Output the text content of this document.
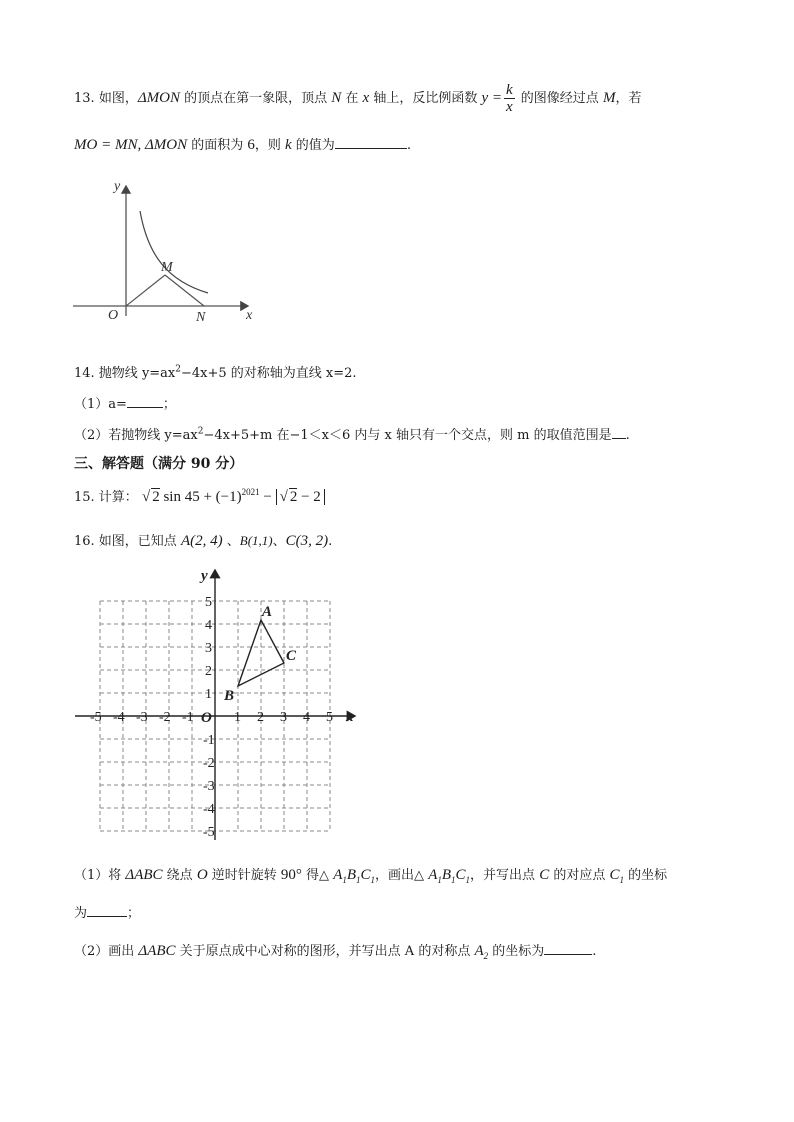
13. 如图，ΔMON 的顶点在第一象限，顶点 N 在 x 轴上，反比例函数 $y = \frac{k}{x}$ 的图像经过点 M，若
MO = MN, ΔMON 的面积为 6，则 k 的值为	.
y
x
O
M
N
14. 抛物线 $y=ax^2-4x+5$ 的对称轴为直线 x=2.
（1）a=	；
（2）若抛物线 $y=ax^2-4x+5+m$ 在−1＜x＜6 内与 x 轴只有一个交点，则 m 的取值范围是 .
三、解答题（满分 90 分）
15. 计算： √ 2 $\sin 45 + (-1)^{2021}$ − √ 2 − 2
16. 如图，已知点 A(2, 4) 、B(1,1)、C(3, 2).
-5 -4 -3 -2 -1	1 2 3 4 5
5
4
3
2
1
-1
-2
-3
-4
-5
y
x
O
A
B
C
（1）将 ΔABC 绕点 O 逆时针旋转 90° 得△ $A_1B_1C_1$，画出△ $A_1B_1C_1$，并写出点 C 的对应点 $C_1$ 的坐标
为	；
（2）画出 ΔABC 关于原点成中心对称的图形，并写出点 A 的对称点 $A_2$ 的坐标为	.
